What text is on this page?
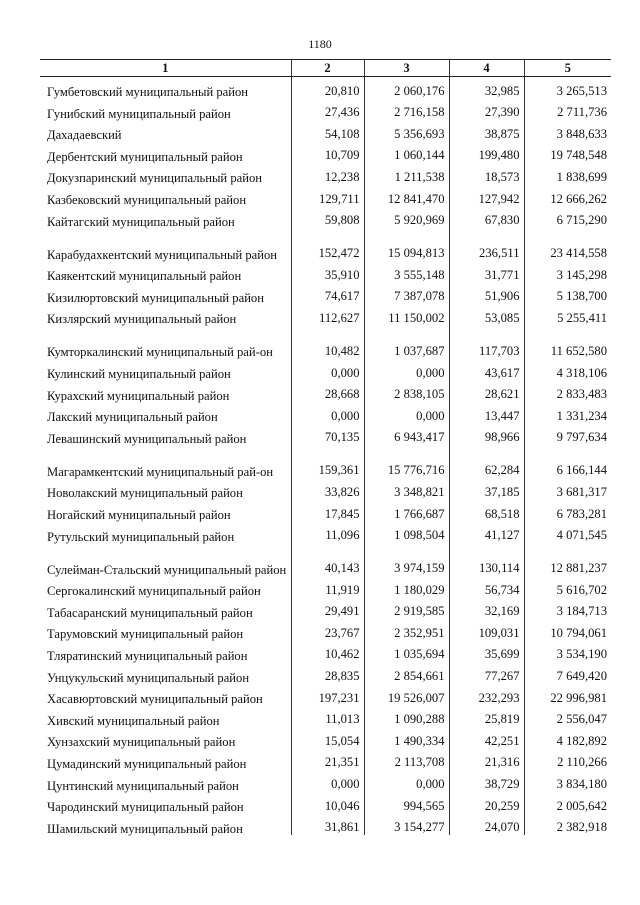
1180
1	2	3	4	5
Гумбетовский муниципальный район	20,810	2 060,176	32,985	3 265,513
Гунибский муниципальный район	27,436	2 716,158	27,390	2 711,736
Дахадаевский	54,108	5 356,693	38,875	3 848,633
Дербентский муниципальный район	10,709	1 060,144	199,480	19 748,548
Докузпаринский муниципальный район	12,238	1 211,538	18,573	1 838,699
Казбековский муниципальный район	129,711	12 841,470	127,942	12 666,262
Кайтагский муниципальный район	59,808	5 920,969	67,830	6 715,290
Карабудахкентский муниципальный район	152,472	15 094,813	236,511	23 414,558
Каякентский муниципальный район	35,910	3 555,148	31,771	3 145,298
Кизилюртовский муниципальный район	74,617	7 387,078	51,906	5 138,700
Кизлярский муниципальный район	112,627	11 150,002	53,085	5 255,411
Кумторкалинский муниципальный рай-он	10,482	1 037,687	117,703	11 652,580
Кулинский муниципальный район	0,000	0,000	43,617	4 318,106
Курахский муниципальный район	28,668	2 838,105	28,621	2 833,483
Лакский муниципальный район	0,000	0,000	13,447	1 331,234
Левашинский муниципальный район	70,135	6 943,417	98,966	9 797,634
Магарамкентский муниципальный рай-он	159,361	15 776,716	62,284	6 166,144
Новолакский муниципальный район	33,826	3 348,821	37,185	3 681,317
Ногайский муниципальный район	17,845	1 766,687	68,518	6 783,281
Рутульский муниципальный район	11,096	1 098,504	41,127	4 071,545
Сулейман-Стальский муниципальный район	40,143	3 974,159	130,114	12 881,237
Сергокалинский муниципальный район	11,919	1 180,029	56,734	5 616,702
Табасаранский муниципальный район	29,491	2 919,585	32,169	3 184,713
Тарумовский муниципальный район	23,767	2 352,951	109,031	10 794,061
Тляратинский муниципальный район	10,462	1 035,694	35,699	3 534,190
Унцукульский муниципальный район	28,835	2 854,661	77,267	7 649,420
Хасавюртовский муниципальный район	197,231	19 526,007	232,293	22 996,981
Хивский муниципальный район	11,013	1 090,288	25,819	2 556,047
Хунзахский муниципальный район	15,054	1 490,334	42,251	4 182,892
Цумадинский муниципальный район	21,351	2 113,708	21,316	2 110,266
Цунтинский муниципальный район	0,000	0,000	38,729	3 834,180
Чародинский муниципальный район	10,046	994,565	20,259	2 005,642
Шамильский муниципальный район	31,861	3 154,277	24,070	2 382,918
